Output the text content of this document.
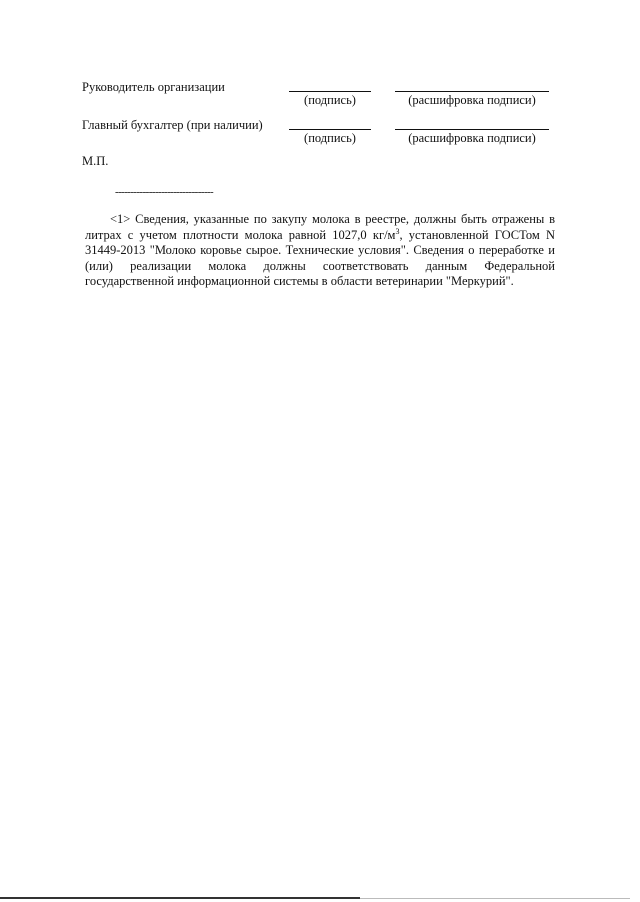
Руководитель организации
(подпись)	(расшифровка подписи)
Главный бухгалтер (при наличии)
(подпись)	(расшифровка подписи)
М.П.
--------------------------------
<1> Сведения, указанные по закупу молока в реестре, должны быть отражены в литрах с учетом плотности молока равной 1027,0 $кг/м^3$, установленной ГОСТом N 31449-2013 "Молоко коровье сырое. Технические условия". Сведения о переработке и (или) реализации молока должны соответствовать данным Федеральной государственной информационной системы в области ветеринарии "Меркурий".
